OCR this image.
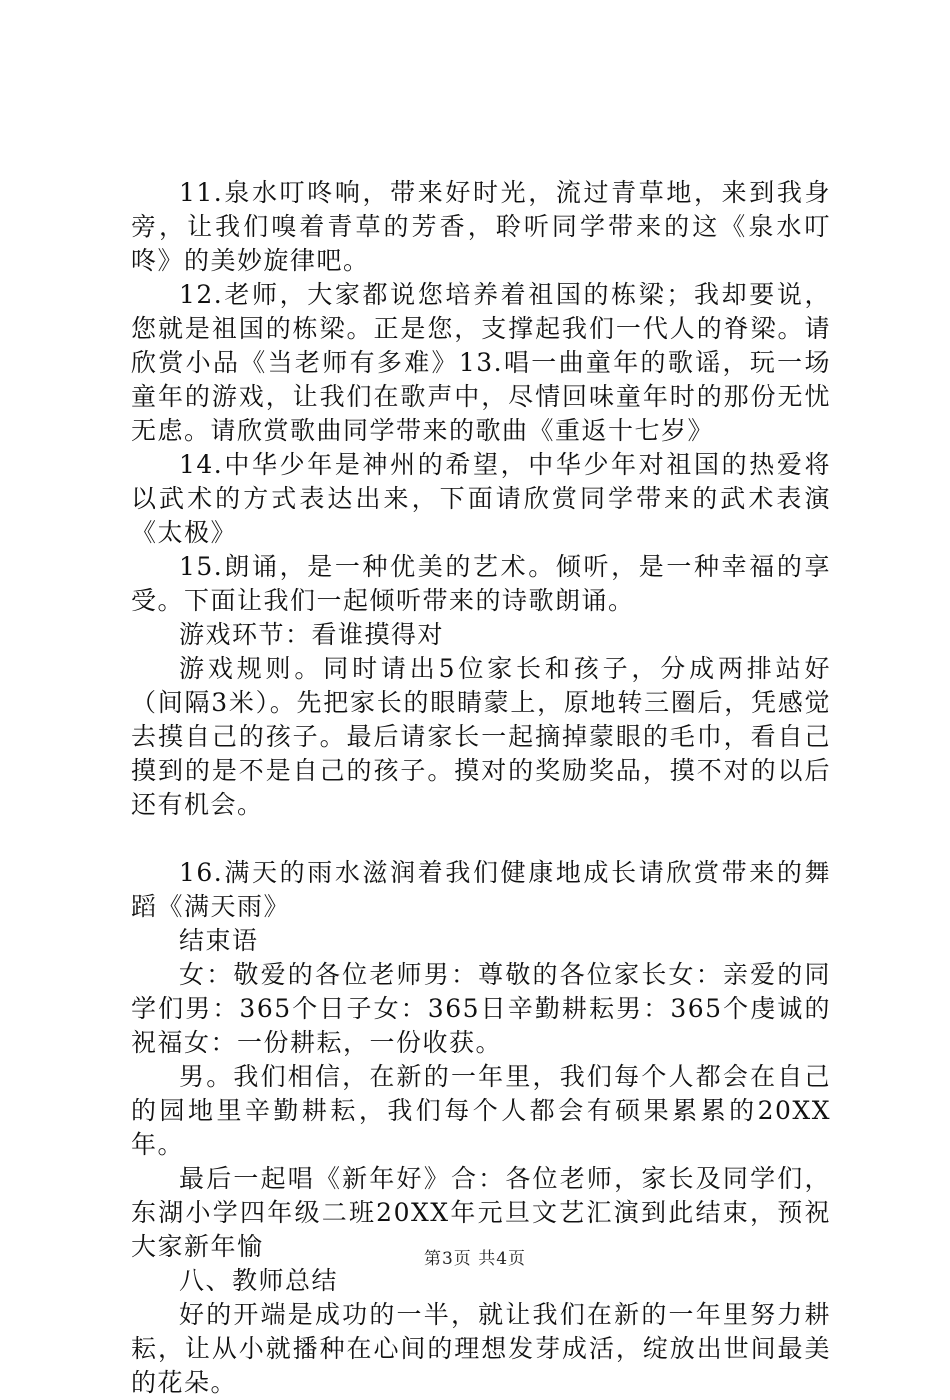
11.泉水叮咚响，带来好时光，流过青草地，来到我身旁，让我们嗅着青草的芳香，聆听同学带来的这《泉水叮咚》的美妙旋律吧。

12.老师，大家都说您培养着祖国的栋梁；我却要说，您就是祖国的栋梁。正是您，支撑起我们一代人的脊梁。请欣赏小品《当老师有多难》13.唱一曲童年的歌谣，玩一场童年的游戏，让我们在歌声中，尽情回味童年时的那份无忧无虑。请欣赏歌曲同学带来的歌曲《重返十七岁》

14.中华少年是神州的希望，中华少年对祖国的热爱将以武术的方式表达出来，下面请欣赏同学带来的武术表演《太极》

15.朗诵，是一种优美的艺术。倾听，是一种幸福的享受。下面让我们一起倾听带来的诗歌朗诵。

游戏环节：看谁摸得对

游戏规则。同时请出5位家长和孩子，分成两排站好（间隔3米）。先把家长的眼睛蒙上，原地转三圈后，凭感觉去摸自己的孩子。最后请家长一起摘掉蒙眼的毛巾，看自己摸到的是不是自己的孩子。摸对的奖励奖品，摸不对的以后还有机会。

16.满天的雨水滋润着我们健康地成长请欣赏带来的舞蹈《满天雨》

结束语

女：敬爱的各位老师男：尊敬的各位家长女：亲爱的同学们男：365个日子女：365日辛勤耕耘男：365个虔诚的祝福女：一份耕耘，一份收获。

男。我们相信，在新的一年里，我们每个人都会在自己的园地里辛勤耕耘，我们每个人都会有硕果累累的20XX年。

最后一起唱《新年好》合：各位老师，家长及同学们，东湖小学四年级二班20XX年元旦文艺汇演到此结束，预祝大家新年愉

八、教师总结

好的开端是成功的一半，就让我们在新的一年里努力耕耘，让从小就播种在心间的理想发芽成活，绽放出世间最美的花朵。

第3页 共4页
